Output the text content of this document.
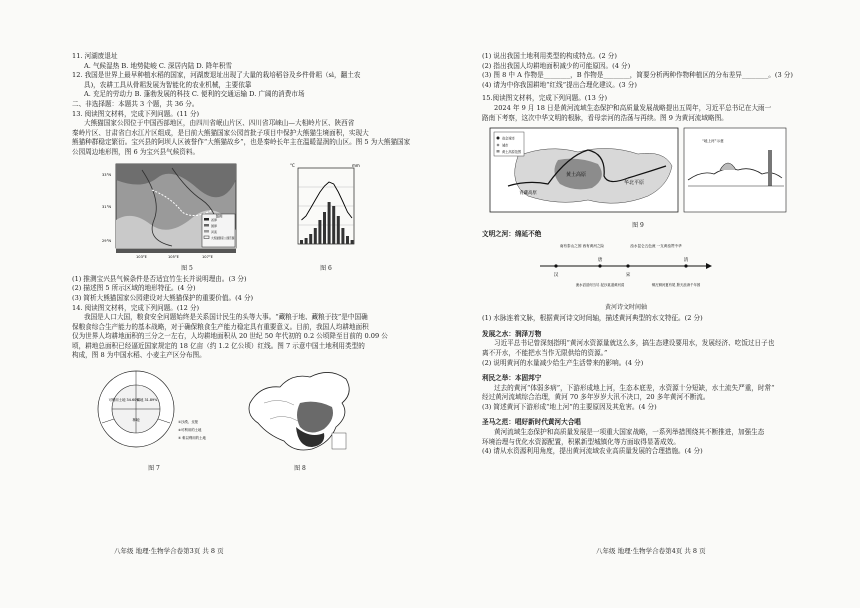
11. 河湖废退址
A. 气候湿热 B. 地势陡峻 C. 深居内陆 D. 降年积雪
12. 我国是世界上最早种植水稻的国家，河湖废退址出现了大量的栽培稻谷及乡件骨耜（sì，翻土农
具)，农耕工具从骨耜发展为智能化的农业机械，主要依靠
A. 充足的劳动力 B. 蓬勃发展的科技 C. 便利的交通运输 D. 广阔的消费市场
二、非选择题：本题共 3 个题，共 36 分。
13. 阅读图文材料，完成下列问题。(11 分)
大熊猫国家公园位于中国西部地区，由四川省岷山片区、四川省邛崃山—大相岭片区、陕西省
秦岭片区、甘肃省白水江片区组成，是目前大熊猫国家公园首批子项目中保护大熊猫生境面积，实现大
熊猫种群稳定繁衍。宝兴县的阿坝人区被誉作“大熊猫故乡”，也是秦岭长年主在温暖湿润的山区。图 5 为大熊猫国家
公园周边地形图，图 6 为宝兴县气候资料。
图例
省界
国界
河流
大熊猫国家公园范围
33°N
31°N
29°N
103°E	105°E	107°E
图 5
°C	mm
图 6
(1) 推测宝兴县气候条件是否适宜竹生长并说明理由。(3 分)
(2) 描述图 5 所示区域的地形特征。(4 分)
(3) 简析大熊猫国家公园建设对大熊猫保护的重要价值。(4 分)
14. 阅读图文材料，完成下列问题。(12 分)
我国是人口大国，粮食安全问题始终是关系国计民生的头等大事。“藏粮于地、藏粮于技”是中国确
保粮食综合生产能力的基本战略，对于确保粮食生产能力稳定具有重要意义。目前，我国人均耕地面积
仅为世界人均耕地面积的三分之一左右，人均耕地面积从 20 世纪 50 年代初的 0.2 公顷降至目前的 0.09 公
顷，耕地总面积已经逼近国家规定的 18 亿亩（约 1.2 亿公顷）红线。图 7 示意中国土地利用类型的
构成，图 8 为中国水稻、小麦主产区分布图。
可利用土地 34.60%
耕地 31.89%
林地	①沙漠、戈壁
②可利用的土地
③ 难以利用的土地
图 7	图 8
(1) 说出我国土地利用类型的构成特点。(2 分)
(2) 指出我国人均耕地面积减少的可能原因。(4 分)
(3) 图 8 中 A 作物是________，B 作物是________，简要分析两种作物种植区的分布差异________。(3 分)
(4) 请为中你我国耕地“红线”提出合理化建议。(3 分)
15.阅读图文材料，完成下列问题。(13 分)
2024 年 9 月 18 日是黄河流域生态保护和高质量发展战略提出五周年，习近平总书记在大雨一
路南下考察，这次中华文明的根脉，看母亲河的浩荡与再续。图 9 为黄河流域略图。
省会城市
城市
黄土高原范围
黄土高原
华北平原
青藏高原
“地上河”示意
图 9
文明之河：绵延不绝
南有泰山之固 西有黄河之险	浊水昆仑五色流 一支黄浊贯中华
汉
唐
宋
清
流水滔滔何当尽 泥沙莫道黄河清	铜瓦铜河夏有尾 掀天浪涛千年固
黄河诗文时间轴
(1) 水脉连着文脉，根据黄河诗文时间轴，描述黄河典型的水文特征。(2 分)
发展之水：润泽万物
习近平总书记曾深刻指明“黄河水资源量就这么多，搞生态建设要用水，发展经济、吃饭过日子也
离不开水，不能把水当作无限供给的资源。”
(2) 说明黄河的水量减少给生产生活带来的影响。(4 分)
利民之举：本固邦宁
过去的黄河“体弱多病”，下游形成地上河，生态本底差，水资源十分短缺，水土流失严重，时常“
经过黄河流域综合治理，黄河 70 多年岁岁大汛不决口，20 多年黄河不断流。
(3) 简述黄河下游形成“地上河”的主要原因及其危害。(4 分)
圣马之范：唱好新时代黄河大合唱
黄河流域生态保护和高质量发展是一项重大国家战略，一系列举措围绕其不断推进，加强生态
环境治理与优化水资源配置，积累新型城镇化等方面取得显著成效。
(4) 请从水资源利用角度，提出黄河流域农业高质量发展的合理措施。(4 分)
八年级 地理·生物学合卷第3页 共 8 页	八年级 地理·生物学合卷第4页 共 8 页
